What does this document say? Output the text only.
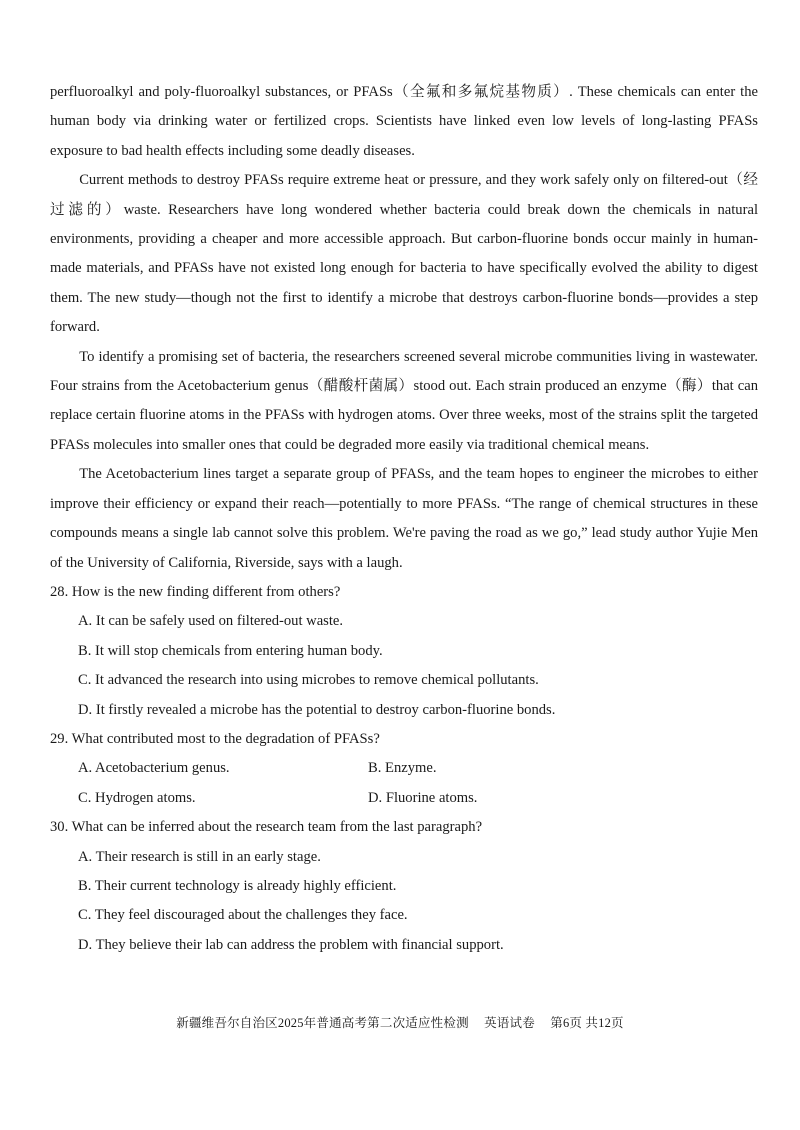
perfluoroalkyl and poly-fluoroalkyl substances, or PFASs（全氟和多氟烷基物质）. These chemicals can enter the human body via drinking water or fertilized crops. Scientists have linked even low levels of long-lasting PFASs exposure to bad health effects including some deadly diseases.

Current methods to destroy PFASs require extreme heat or pressure, and they work safely only on filtered-out（经过滤的）waste. Researchers have long wondered whether bacteria could break down the chemicals in natural environments, providing a cheaper and more accessible approach. But carbon-fluorine bonds occur mainly in human-made materials, and PFASs have not existed long enough for bacteria to have specifically evolved the ability to digest them. The new study—though not the first to identify a microbe that destroys carbon-fluorine bonds—provides a step forward.

To identify a promising set of bacteria, the researchers screened several microbe communities living in wastewater. Four strains from the Acetobacterium genus（醋酸杆菌属）stood out. Each strain produced an enzyme（酶）that can replace certain fluorine atoms in the PFASs with hydrogen atoms. Over three weeks, most of the strains split the targeted PFASs molecules into smaller ones that could be degraded more easily via traditional chemical means.

The Acetobacterium lines target a separate group of PFASs, and the team hopes to engineer the microbes to either improve their efficiency or expand their reach—potentially to more PFASs. “The range of chemical structures in these compounds means a single lab cannot solve this problem. We're paving the road as we go,” lead study author Yujie Men of the University of California, Riverside, says with a laugh.

28. How is the new finding different from others?

A. It can be safely used on filtered-out waste.

B. It will stop chemicals from entering human body.

C. It advanced the research into using microbes to remove chemical pollutants.

D. It firstly revealed a microbe has the potential to destroy carbon-fluorine bonds.

29. What contributed most to the degradation of PFASs?

A. Acetobacterium genus.	B. Enzyme.

C. Hydrogen atoms.	D. Fluorine atoms.

30. What can be inferred about the research team from the last paragraph?

A. Their research is still in an early stage.

B. Their current technology is already highly efficient.

C. They feel discouraged about the challenges they face.

D. They believe their lab can address the problem with financial support.

新疆维吾尔自治区2025年普通高考第二次适应性检测 英语试卷 第6页 共12页
